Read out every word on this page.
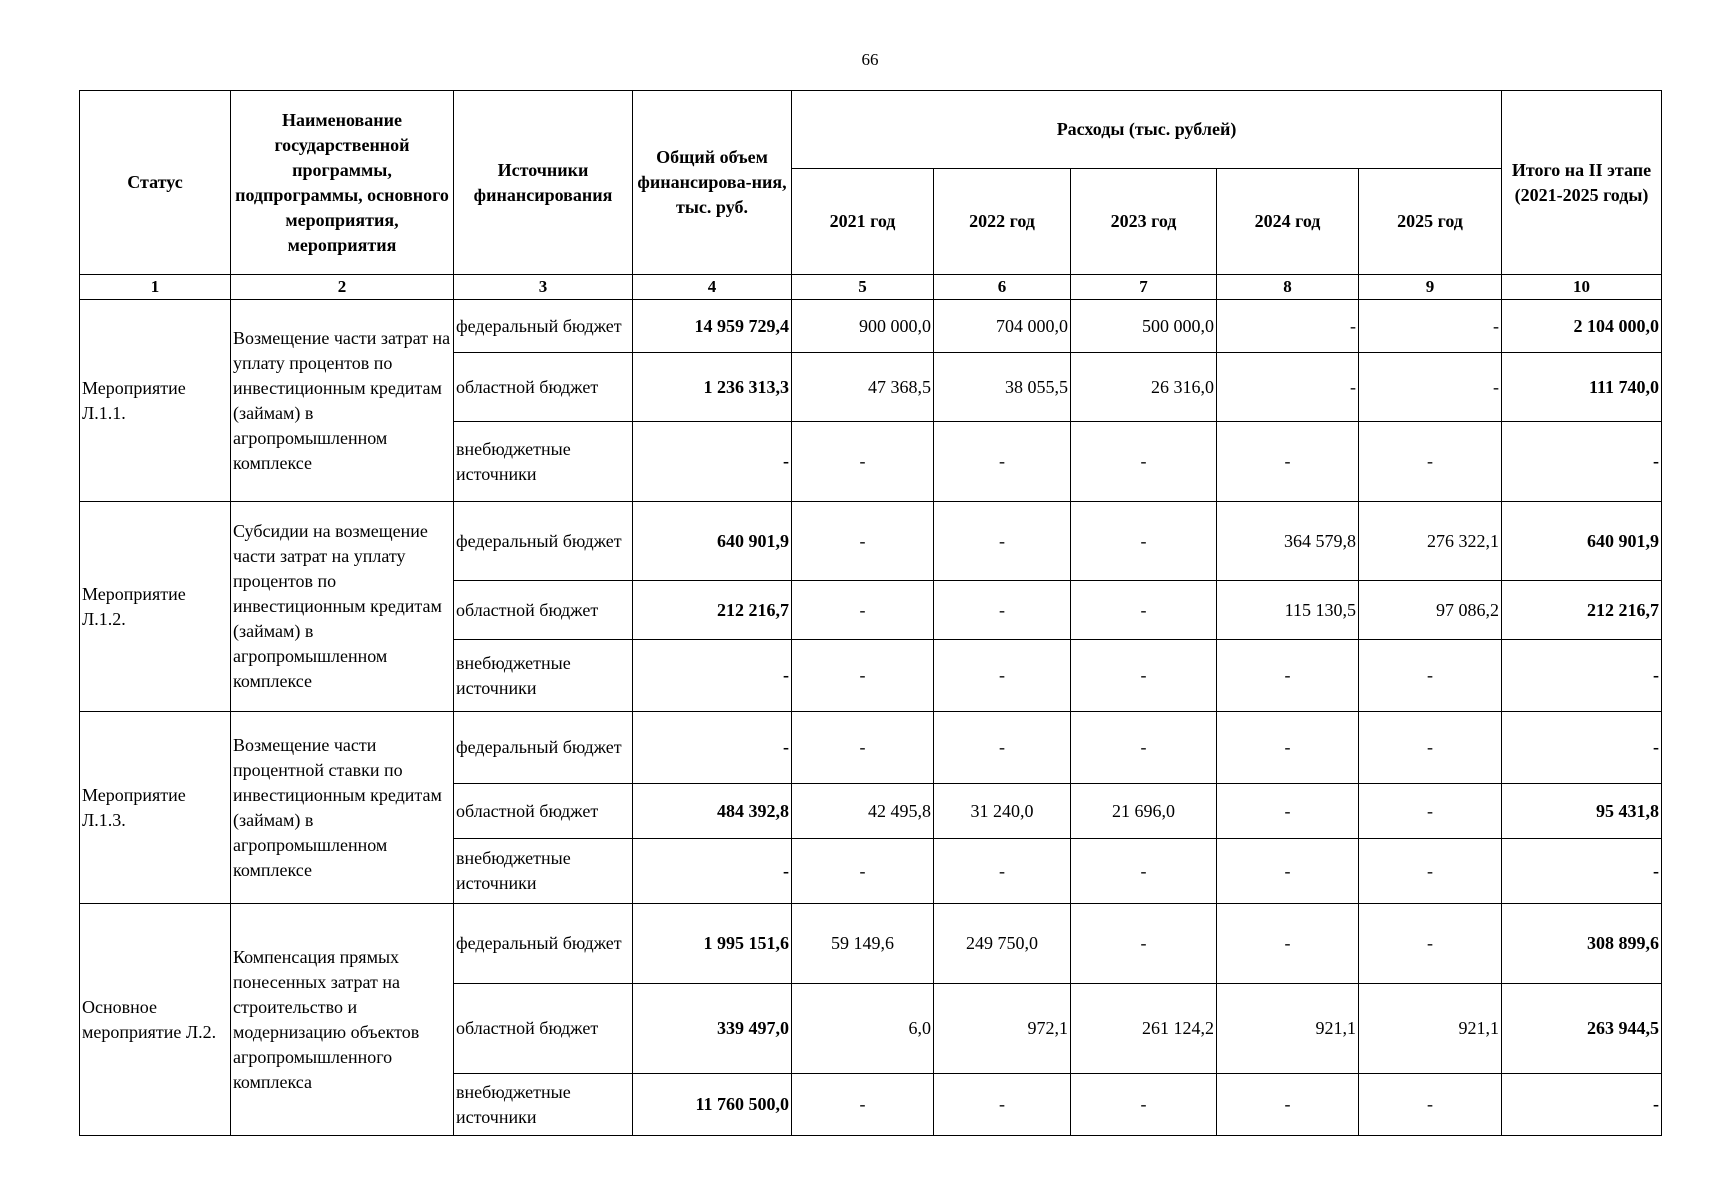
66
Статус	Наименование государственной программы, подпрограммы, основного мероприятия, мероприятия	Источники финансирования	Общий объем финансирова-ния, тыс. руб.	Расходы (тыс. рублей)					Итого на II этапе (2021-2025 годы)
				2021 год	2022 год	2023 год	2024 год	2025 год	
1	2	3	4	5	6	7	8	9	10
Мероприятие Л.1.1.	Возмещение части затрат на уплату процентов по инвестиционным кредитам (займам) в агропромышленном комплексе	федеральный бюджет	14 959 729,4	900 000,0	704 000,0	500 000,0	-	-	2 104 000,0
		областной бюджет	1 236 313,3	47 368,5	38 055,5	26 316,0	-	-	111 740,0
		внебюджетные источники	-	-	-	-	-	-	-
Мероприятие Л.1.2.	Субсидии на возмещение части затрат на уплату процентов по инвестиционным кредитам (займам) в агропромышленном комплексе	федеральный бюджет	640 901,9	-	-	-	364 579,8	276 322,1	640 901,9
		областной бюджет	212 216,7	-	-	-	115 130,5	97 086,2	212 216,7
		внебюджетные источники	-	-	-	-	-	-	-
Мероприятие Л.1.3.	Возмещение части процентной ставки по инвестиционным кредитам (займам) в агропромышленном комплексе	федеральный бюджет	-	-	-	-	-	-	-
		областной бюджет	484 392,8	42 495,8	31 240,0	21 696,0	-	-	95 431,8
		внебюджетные источники	-	-	-	-	-	-	-
Основное мероприятие Л.2.	Компенсация прямых понесенных затрат на строительство и модернизацию объектов агропромышленного комплекса	федеральный бюджет	1 995 151,6	59 149,6	249 750,0	-	-	-	308 899,6
		областной бюджет	339 497,0	6,0	972,1	261 124,2	921,1	921,1	263 944,5
		внебюджетные источники	11 760 500,0	-	-	-	-	-	-
